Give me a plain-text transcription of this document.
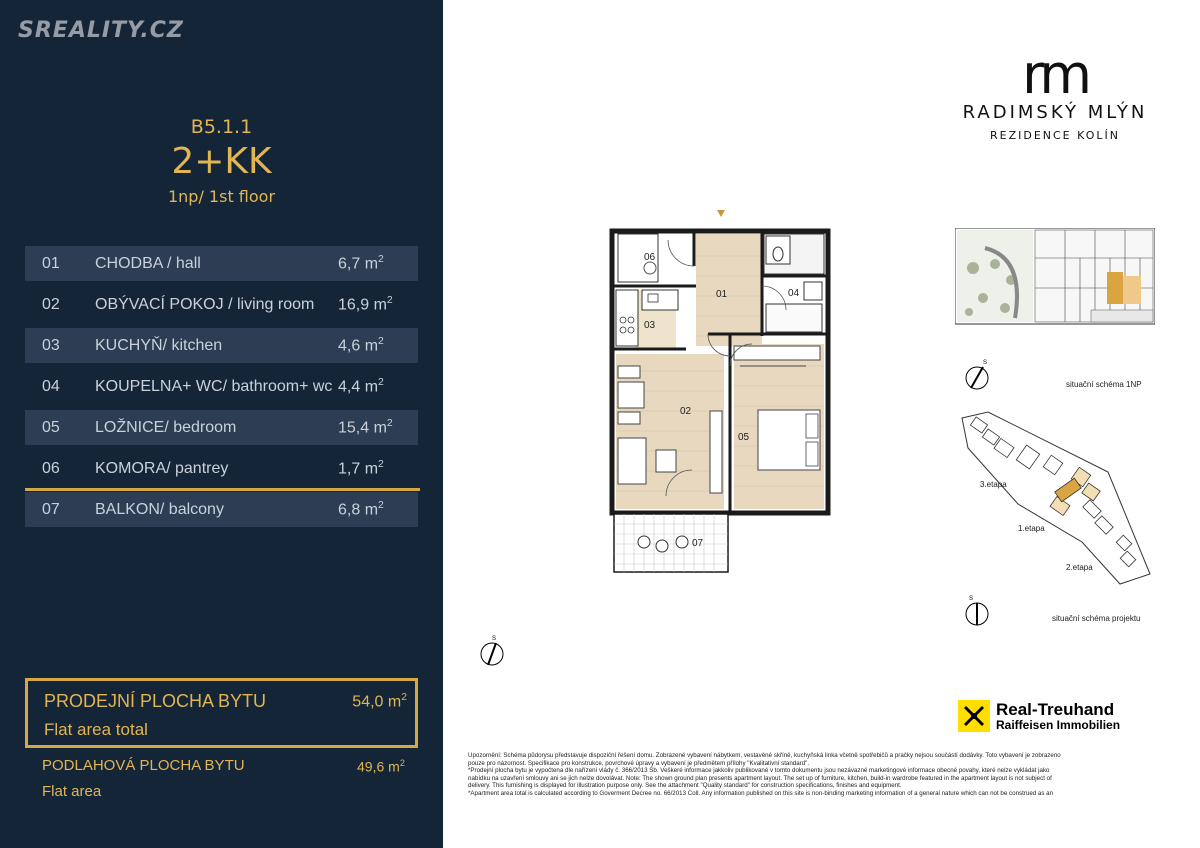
SREALITY.CZ
B5.1.1
2+KK
1np/ 1st floor
01	CHODBA / hall	6,7 $m^2$
02	OBÝVACÍ POKOJ / living room	16,9 $m^2$
03	KUCHYŇ/ kitchen	4,6 $m^2$
04	KOUPELNA+ WC/ bathroom+ wc 4,4 $m^2$
05	LOŽNICE/ bedroom	15,4 $m^2$
06	KOMORA/ pantrey	1,7 $m^2$
07	BALKON/ balcony	6,8 $m^2$
PRODEJNÍ PLOCHA BYTU
Flat area total
54,0 $m^2$
PODLAHOVÁ PLOCHA BYTU
Flat area
49,6 $m^2$
rm
RADIMSKÝ MLÝN
REZIDENCE KOLÍN
01
02
03
04
05
06
07
S
S
situační schéma 1NP
3.etapa
1.etapa
2.etapa
S
situační schéma projektu
Real-Treuhand
Raiffeisen Immobilien

Upozornění: Schéma půdorysu představuje dispoziční řešení domu. Zobrazené vybavení nábytkem, vestavěné skříně, kuchyňská linka včetně spotřebičů a pračky nejsou součástí dodávky. Toto vybavení je zobrazeno

pouze pro názornost. Specifikace pro konstrukce, povrchové úpravy a vybavení je předmětem přílohy "Kvalitativní standard".

*Prodejní plocha bytu je vypočtena dle nařízení vlády č. 366/2013 Sb. Veškeré informace jakkoliv publikované v tomto dokumentu jsou nezávazné marketingové informace obecné povahy, které nelze vykládat jako

nabídku na uzavření smlouvy ani se jich nelze dovolávat. Note: The shown ground plan presents apartment layout. The set up of furniture, kitchen, build-in wardrobe featured in the apartment layout is not subject of

delivery. This furnishing is displayed for illustration purpose only. See the attachment "Quality standard" for construction specifications, finishes and equipment.

*Apartment area total is calculated according to Goverment Decree no. 66/2013 Coll. Any information published on this site is non-binding marketing information of a general nature which can not be construed as an
